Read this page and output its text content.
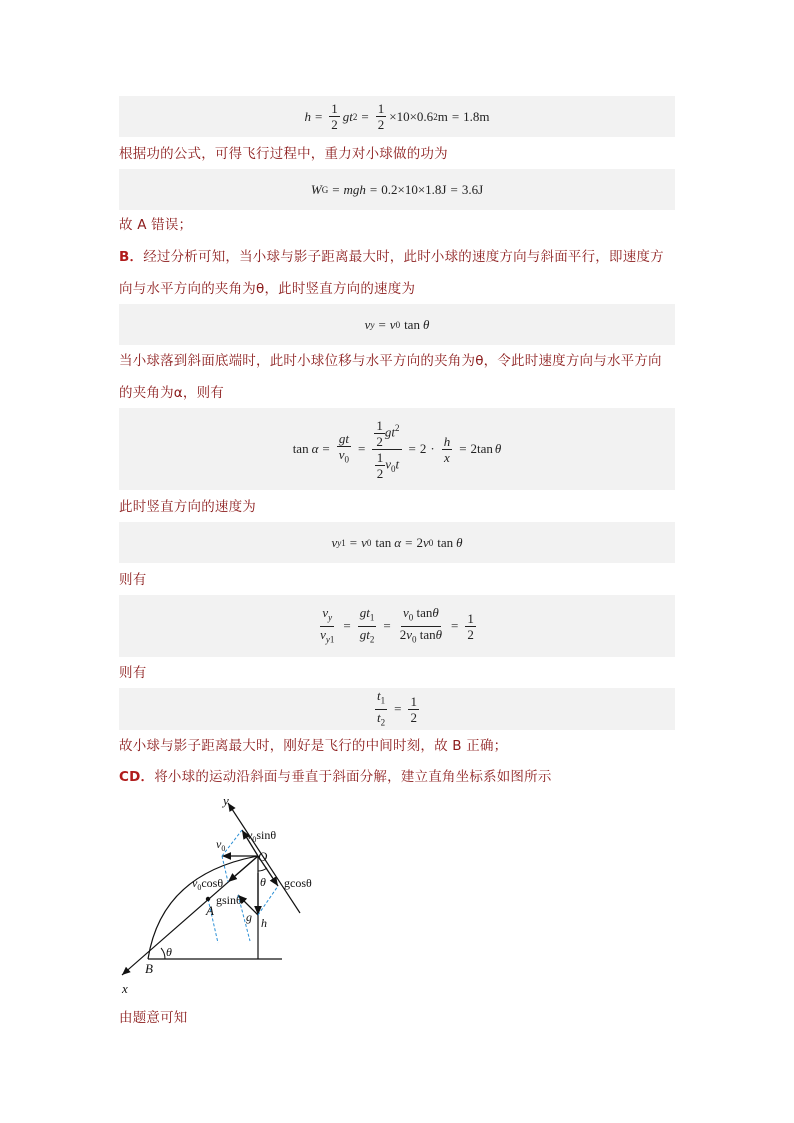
$h = \frac{1}{2}$ gt $2 = \frac{1}{2} \times 10\times 0.6$ 2 m = 1.8m
根据功的公式，可得飞行过程中，重力对小球做的功为
W G = mgh = 0.2×10×1.8J = 3.6J
故 A 错误；
B．经过分析可知，当小球与影子距离最大时，此时小球的速度方向与斜面平行，即速度方向与水平方向的夹角为θ，此时竖直方向的速度为
v y = v 0 tan θ
当小球落到斜面底端时，此时小球位移与水平方向的夹角为θ，令此时速度方向与水平方向的夹角为α，则有
$\tan \alpha = \frac{gt}{v_0} = \frac{\frac{1}{2} gt^2}{\frac{1}{2} v_0t} = 2 \cdot \frac{h}{x} = 2\tan$ θ
此时竖直方向的速度为
v y1 = v 0 tan α = 2 v 0 tan θ
则有
$\frac{v_y}{v_{y1}} = \frac{gt_1}{gt_2} = \frac{v_0 \tan\theta}{2v_0 \tan\theta} = \frac{1}{2}$
则有
$\frac{t_1}{t_2} = \frac{1}{2}$
故小球与影子距离最大时，刚好是飞行的中间时刻，故 B 正确；
CD．将小球的运动沿斜面与垂直于斜面分解，建立直角坐标系如图所示
由题意可知
y
x
O
A
B
θ
θ
$v_0$
$v_0\sin\theta$
$v_0\cos\theta$
gsinθ
gcosθ
g h
